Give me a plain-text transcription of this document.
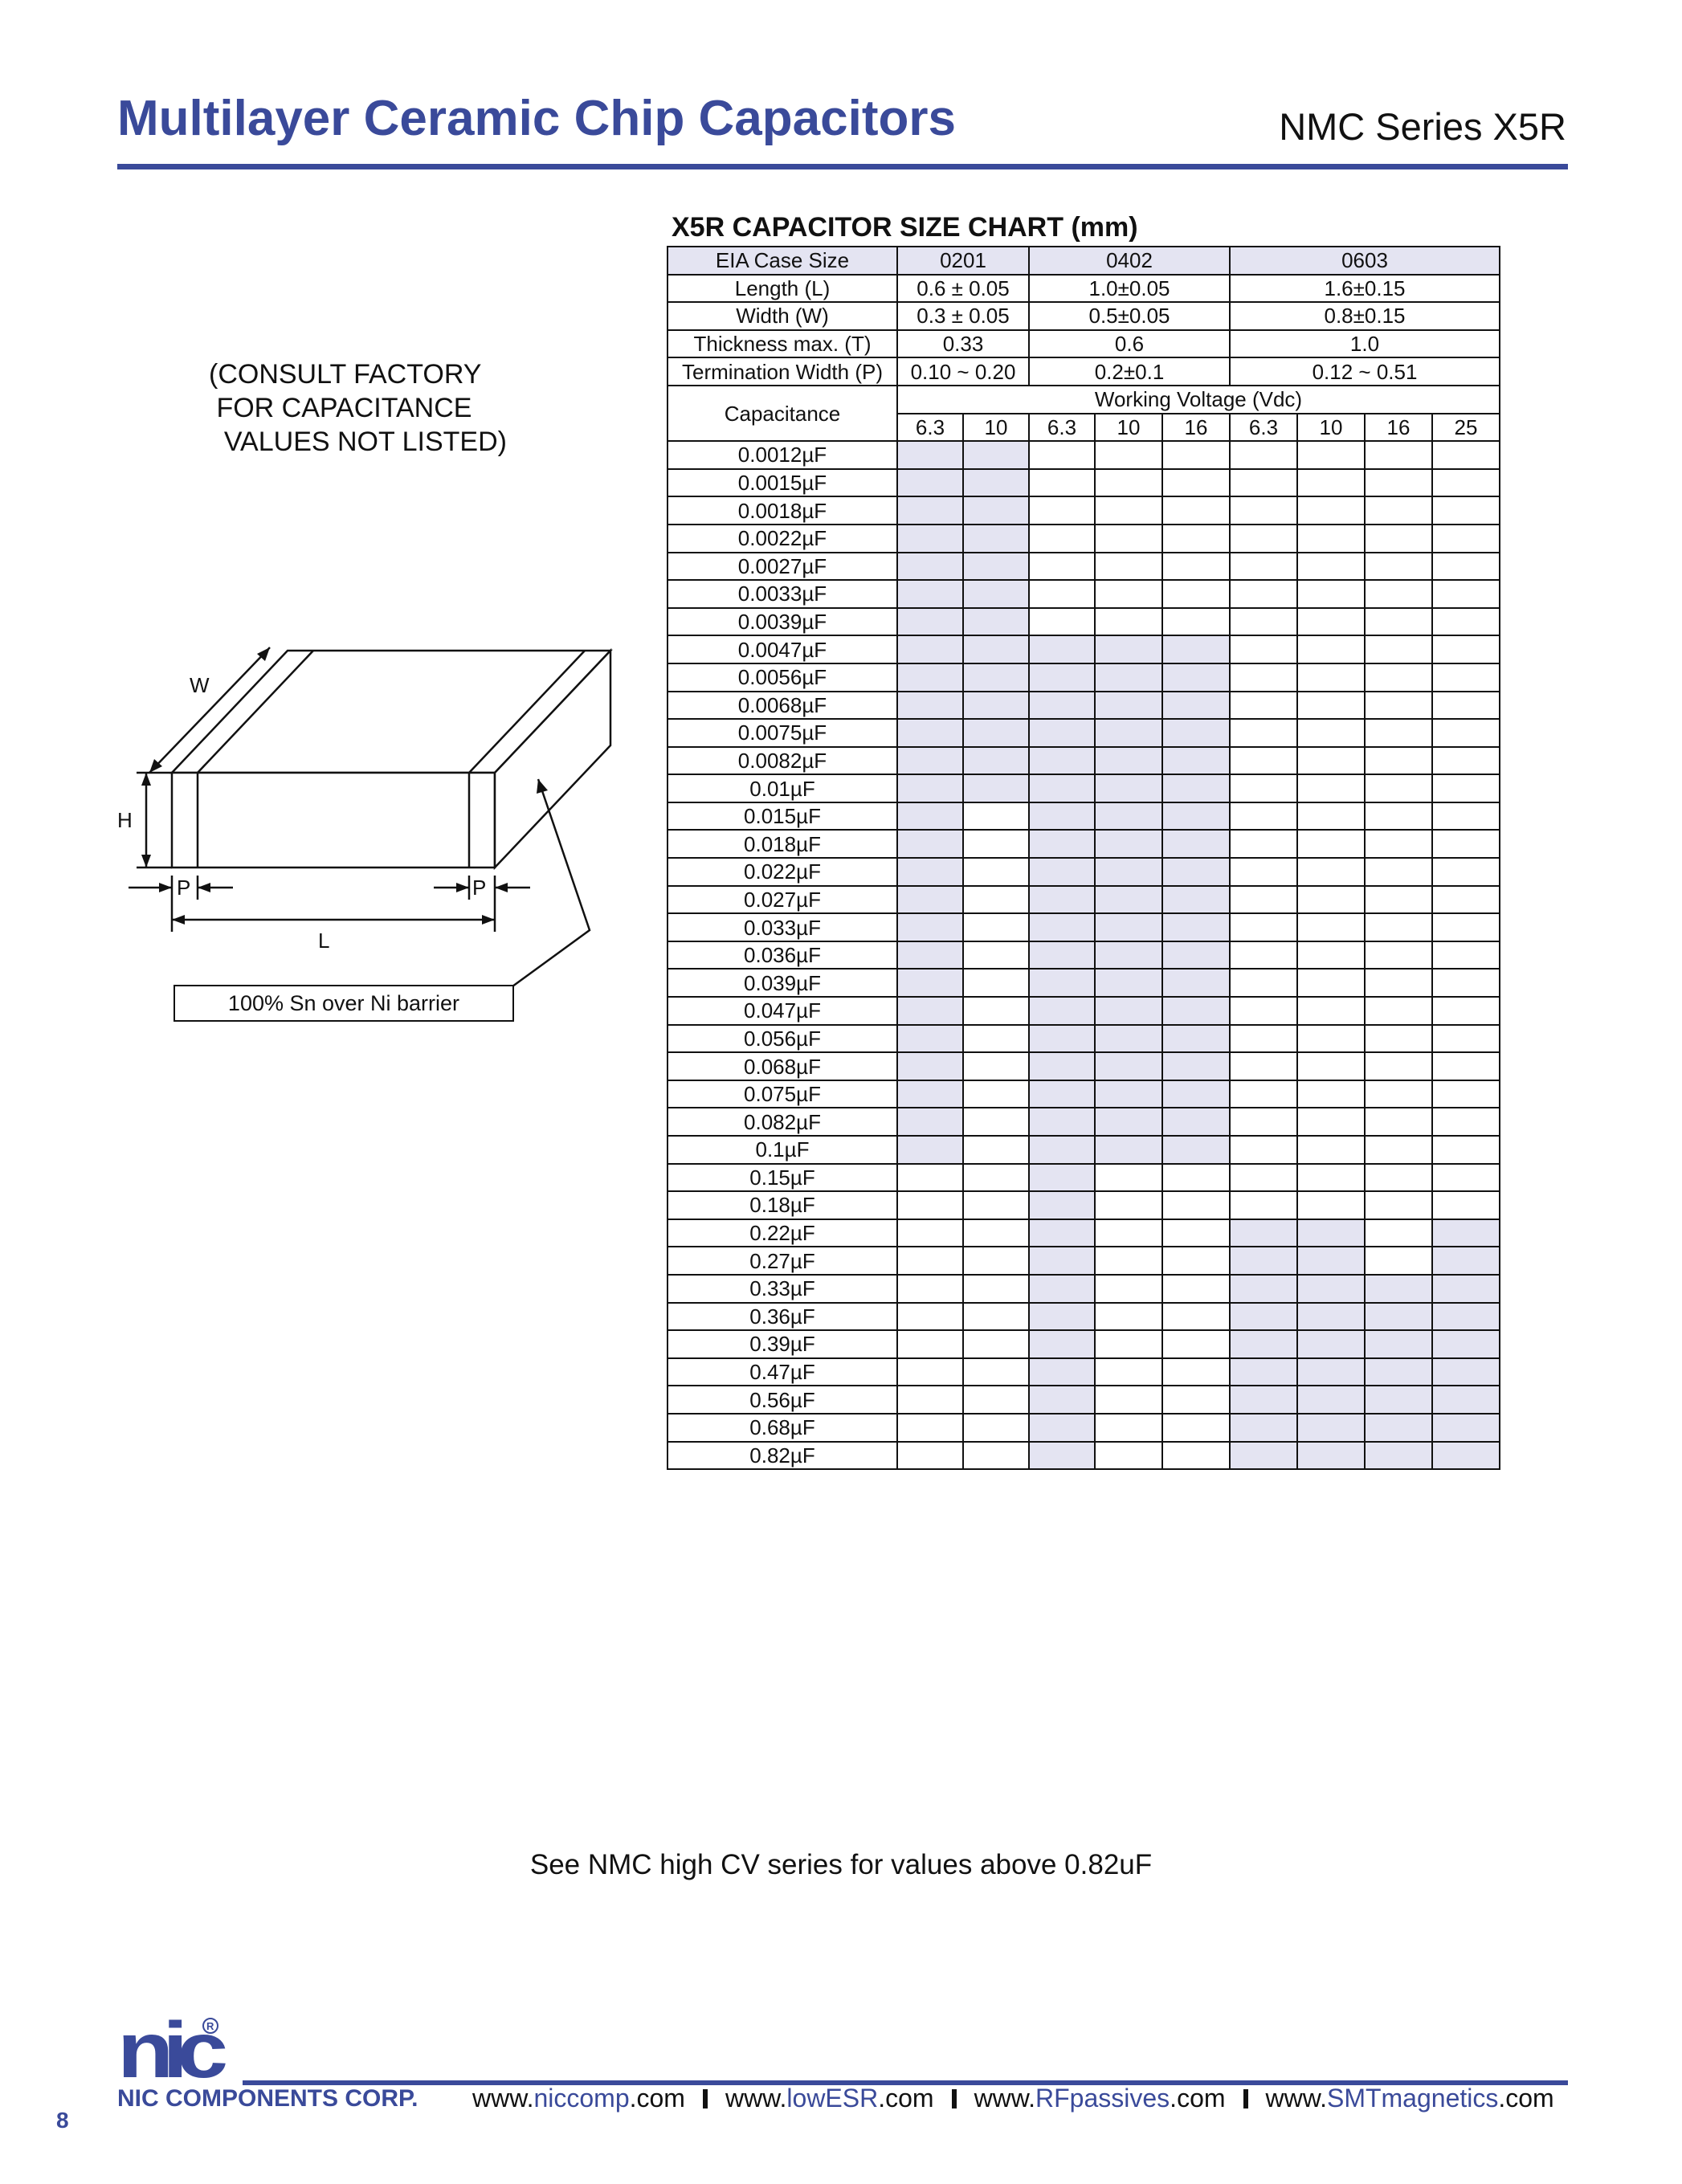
Multilayer Ceramic Chip Capacitors	NMC Series X5R
(CONSULT FACTORY
FOR CAPACITANCE
VALUES NOT LISTED)
W
H
P	P
L
100% Sn over Ni barrier
X5R CAPACITOR SIZE CHART (mm)
EIA Case Size	0201		0402			0603			
Length (L)	0.6 ± 0.05		1.0±0.05			1.6±0.15			
Width (W)	0.3 ± 0.05		0.5±0.05			0.8±0.15			
Thickness max. (T)	0.33		0.6			1.0			
Termination Width (P)	0.10 ~ 0.20		0.2±0.1			0.12 ~ 0.51			
Capacitance	Working Voltage (Vdc)								
	6.3	10	6.3	10	16	6.3	10	16	25
0.0012µF									
0.0015µF									
0.0018µF									
0.0022µF									
0.0027µF									
0.0033µF									
0.0039µF									
0.0047µF									
0.0056µF									
0.0068µF									
0.0075µF									
0.0082µF									
0.01µF									
0.015µF									
0.018µF									
0.022µF									
0.027µF									
0.033µF									
0.036µF									
0.039µF									
0.047µF									
0.056µF									
0.068µF									
0.075µF									
0.082µF									
0.1µF									
0.15µF									
0.18µF									
0.22µF									
0.27µF									
0.33µF									
0.36µF									
0.39µF									
0.47µF									
0.56µF									
0.68µF									
0.82µF									
See NMC high CV series for values above 0.82uF
nic
R
NIC COMPONENTS CORP. www.niccomp.com www.lowESR.com www.RFpassives.com www.SMTmagnetics.com
8
